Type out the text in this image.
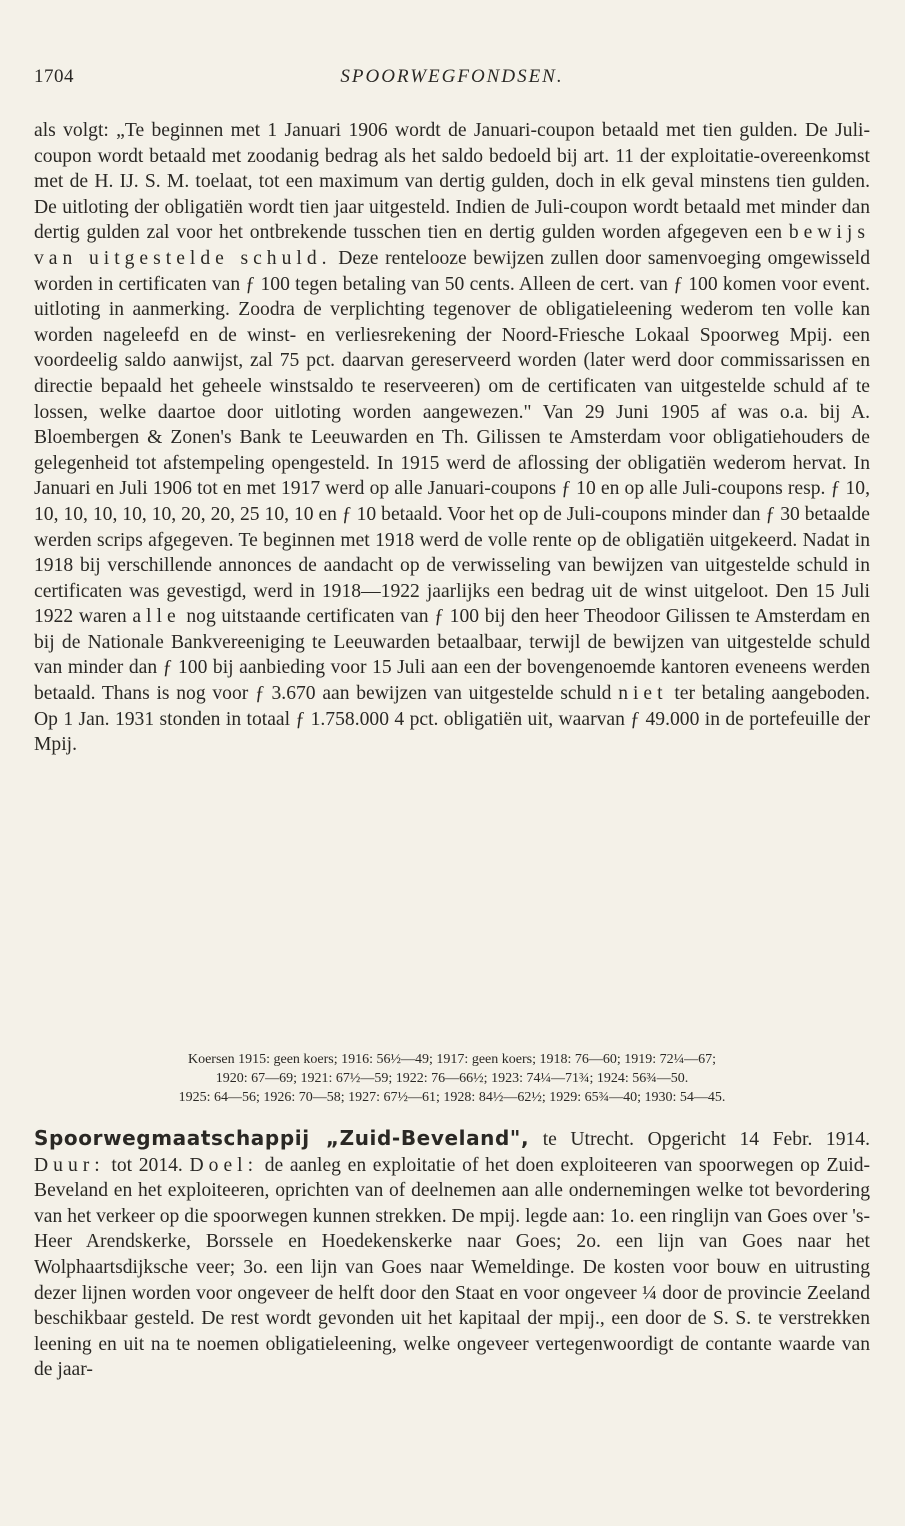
1704	SPOORWEGFONDSEN.

als volgt: „Te beginnen met 1 Januari 1906 wordt de Januari-coupon betaald met tien gulden. De Juli-coupon wordt betaald met zoodanig bedrag als het saldo bedoeld bij art. 11 der exploitatie-overeenkomst met de H. IJ. S. M. toelaat, tot een maximum van dertig gulden, doch in elk geval minstens tien gulden. De uitloting der obligatiën wordt tien jaar uitgesteld. Indien de Juli-coupon wordt betaald met minder dan dertig gulden zal voor het ontbrekende tusschen tien en dertig gulden worden afgegeven een bewijs van uitgestelde schuld. Deze rentelooze bewijzen zullen door samenvoeging omgewisseld worden in certificaten van ƒ 100 tegen betaling van 50 cents. Alleen de cert. van ƒ 100 komen voor event. uitloting in aanmerking. Zoodra de verplichting tegenover de obligatieleening wederom ten volle kan worden nageleefd en de winst- en verliesrekening der Noord-Friesche Lokaal Spoorweg Mpij. een voordeelig saldo aanwijst, zal 75 pct. daarvan gereserveerd worden (later werd door commissarissen en directie bepaald het geheele winstsaldo te reserveeren) om de certificaten van uitgestelde schuld af te lossen, welke daartoe door uitloting worden aangewezen." Van 29 Juni 1905 af was o.a. bij A. Bloembergen & Zonen's Bank te Leeuwarden en Th. Gilissen te Amsterdam voor obligatiehouders de gelegenheid tot afstempeling opengesteld. In 1915 werd de aflossing der obligatiën wederom hervat. In Januari en Juli 1906 tot en met 1917 werd op alle Januari-coupons ƒ 10 en op alle Juli-coupons resp. ƒ 10, 10, 10, 10, 10, 10, 20, 20, 25 10, 10 en ƒ 10 betaald. Voor het op de Juli-coupons minder dan ƒ 30 betaalde werden scrips afgegeven. Te beginnen met 1918 werd de volle rente op de obligatiën uitgekeerd. Nadat in 1918 bij verschillende annonces de aandacht op de verwisseling van bewijzen van uitgestelde schuld in certificaten was gevestigd, werd in 1918—1922 jaarlijks een bedrag uit de winst uitgeloot. Den 15 Juli 1922 waren alle nog uitstaande certificaten van ƒ 100 bij den heer Theodoor Gilissen te Amsterdam en bij de Nationale Bankvereeniging te Leeuwarden betaalbaar, terwijl de bewijzen van uitgestelde schuld van minder dan ƒ 100 bij aanbieding voor 15 Juli aan een der bovengenoemde kantoren eveneens werden betaald. Thans is nog voor ƒ 3.670 aan bewijzen van uitgestelde schuld niet ter betaling aangeboden. Op 1 Jan. 1931 stonden in totaal ƒ 1.758.000 4 pct. obligatiën uit, waarvan ƒ 49.000 in de portefeuille der Mpij.

Koersen 1915: geen koers; 1916: 56½—49; 1917: geen koers; 1918: 76—60; 1919: 72¼—67;
1920: 67—69; 1921: 67½—59; 1922: 76—66½; 1923: 74¼—71¾; 1924: 56¾—50.
1925: 64—56; 1926: 70—58; 1927: 67½—61; 1928: 84½—62½; 1929: 65¾—40; 1930: 54—45.

Spoorwegmaatschappij „Zuid-Beveland", te Utrecht. Opgericht 14 Febr. 1914. Duur: tot 2014. Doel: de aanleg en exploitatie of het doen exploiteeren van spoorwegen op Zuid-Beveland en het exploiteeren, oprichten van of deelnemen aan alle ondernemingen welke tot bevordering van het verkeer op die spoorwegen kunnen strekken. De mpij. legde aan: 1o. een ringlijn van Goes over 's-Heer Arendskerke, Borssele en Hoedekenskerke naar Goes; 2o. een lijn van Goes naar het Wolphaartsdijksche veer; 3o. een lijn van Goes naar Wemeldinge. De kosten voor bouw en uitrusting dezer lijnen worden voor ongeveer de helft door den Staat en voor ongeveer ¼ door de provincie Zeeland beschikbaar gesteld. De rest wordt gevonden uit het kapitaal der mpij., een door de S. S. te verstrekken leening en uit na te noemen obligatieleening, welke ongeveer vertegenwoordigt de contante waarde van de jaar-
